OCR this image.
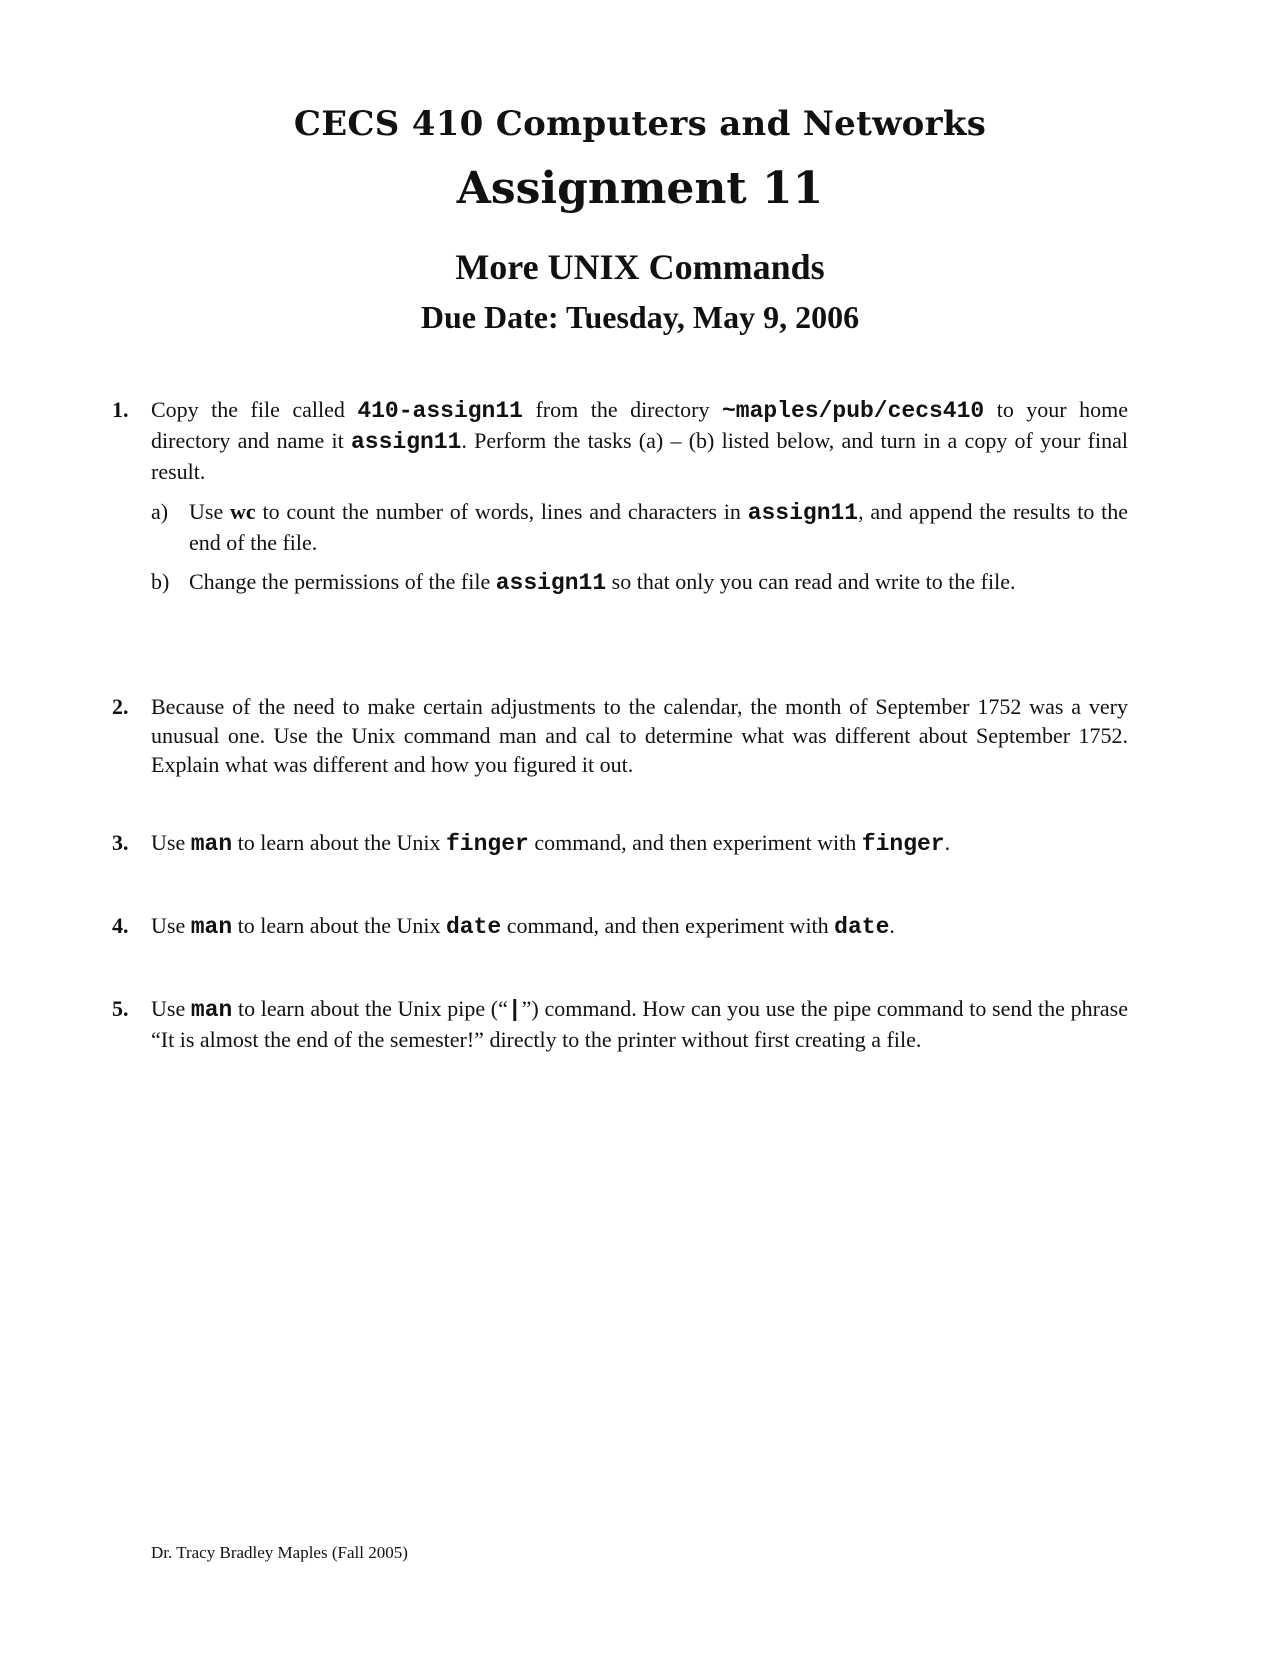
CECS 410 Computers and Networks
Assignment 11
More UNIX Commands
Due Date: Tuesday, May 9, 2006
1. Copy the file called 410-assign11 from the directory ~maples/pub/cecs410 to your home directory and name it assign11. Perform the tasks (a) – (b) listed below, and turn in a copy of your final result.
a) Use wc to count the number of words, lines and characters in assign11, and append the results to the end of the file.
b) Change the permissions of the file assign11 so that only you can read and write to the file.
2. Because of the need to make certain adjustments to the calendar, the month of September 1752 was a very unusual one. Use the Unix command man and cal to determine what was different about September 1752. Explain what was different and how you figured it out.
3. Use man to learn about the Unix finger command, and then experiment with finger.
4. Use man to learn about the Unix date command, and then experiment with date.
5. Use man to learn about the Unix pipe (“|”) command. How can you use the pipe command to send the phrase “It is almost the end of the semester!” directly to the printer without first creating a file.
Dr. Tracy Bradley Maples (Fall 2005)
